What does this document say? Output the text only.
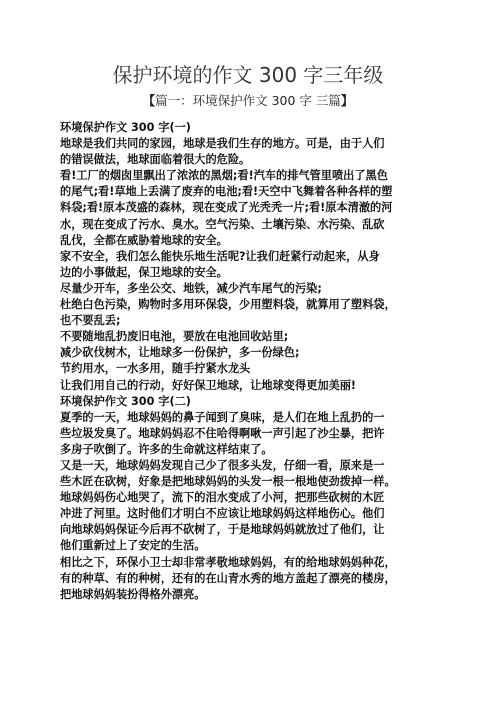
保护环境的作文 300 字三年级
【篇一：环境保护作文 300 字 三篇】
环境保护作文 300 字(一)
地球是我们共同的家园，地球是我们生存的地方。可是，由于人们
的错误做法，地球面临着很大的危险。
看!工厂的烟囱里飘出了浓浓的黑烟;看!汽车的排气管里喷出了黑色
的尾气;看!草地上丢满了废弃的电池;看!天空中飞舞着各种各样的塑
料袋;看!原本茂盛的森林，现在变成了光秃秃一片;看!原本清澈的河
水，现在变成了污水、臭水。空气污染、土壤污染、水污染、乱砍
乱伐，全都在威胁着地球的安全。
家不安全，我们怎么能快乐地生活呢?让我们赶紧行动起来，从身
边的小事做起，保卫地球的安全。
尽量少开车，多坐公交、地铁，减少汽车尾气的污染;
杜绝白色污染，购物时多用环保袋，少用塑料袋，就算用了塑料袋，
也不要乱丢;
不要随地乱扔废旧电池，要放在电池回收站里;
减少砍伐树木，让地球多一份保护，多一份绿色;
节约用水，一水多用，随手拧紧水龙头
让我们用自己的行动，好好保卫地球，让地球变得更加美丽!
环境保护作文 300 字(二)
夏季的一天，地球妈妈的鼻子闻到了臭味，是人们在地上乱扔的一
些垃圾发臭了。地球妈妈忍不住哈得啊啾一声引起了沙尘暴，把许
多房子吹倒了。许多的生命就这样结束了。
又是一天，地球妈妈发现自己少了很多头发，仔细一看，原来是一
些木匠在砍树，好象是把地球妈妈的头发一根一根地使劲拨掉一样。
地球妈妈伤心地哭了，流下的泪水变成了小河，把那些砍树的木匠
冲进了河里。这时他们才明白不应该让地球妈妈这样地伤心。他们
向地球妈妈保证今后再不砍树了，于是地球妈妈就放过了他们，让
他们重新过上了安定的生活。
相比之下，环保小卫士却非常孝敬地球妈妈，有的给地球妈妈种花，
有的种草、有的种树，还有的在山青水秀的地方盖起了漂亮的楼房，
把地球妈妈装扮得格外漂亮。
